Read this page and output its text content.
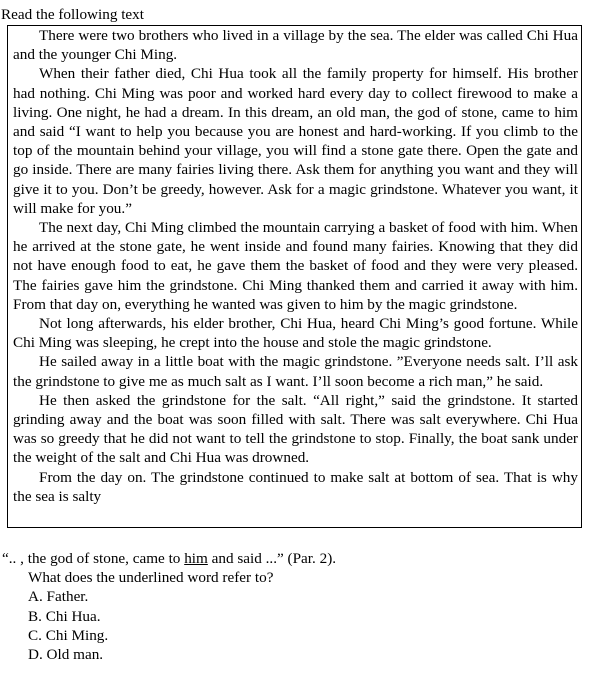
Read the following text

There were two brothers who lived in a village by the sea. The elder was called Chi Hua and the younger Chi Ming.

When their father died, Chi Hua took all the family property for himself. His brother had nothing. Chi Ming was poor and worked hard every day to collect firewood to make a living. One night, he had a dream. In this dream, an old man, the god of stone, came to him and said “I want to help you because you are honest and hard-working. If you climb to the top of the mountain behind your village, you will find a stone gate there. Open the gate and go inside. There are many fairies living there. Ask them for anything you want and they will give it to you. Don’t be greedy, however. Ask for a magic grindstone. Whatever you want, it will make for you.”

The next day, Chi Ming climbed the mountain carrying a basket of food with him. When he arrived at the stone gate, he went inside and found many fairies. Knowing that they did not have enough food to eat, he gave them the basket of food and they were very pleased. The fairies gave him the grindstone. Chi Ming thanked them and carried it away with him. From that day on, everything he wanted was given to him by the magic grindstone.

Not long afterwards, his elder brother, Chi Hua, heard Chi Ming’s good fortune. While Chi Ming was sleeping, he crept into the house and stole the magic grindstone.

He sailed away in a little boat with the magic grindstone. ”Everyone needs salt. I’ll ask the grindstone to give me as much salt as I want. I’ll soon become a rich man,” he said.

He then asked the grindstone for the salt. “All right,” said the grindstone. It started grinding away and the boat was soon filled with salt. There was salt everywhere. Chi Hua was so greedy that he did not want to tell the grindstone to stop. Finally, the boat sank under the weight of the salt and Chi Hua was drowned.

From the day on. The grindstone continued to make salt at bottom of sea. That is why the sea is salty

“.. , the god of stone, came to him and said ...” (Par. 2).
What does the underlined word refer to?
A. Father.
B. Chi Hua.
C. Chi Ming.
D. Old man.
